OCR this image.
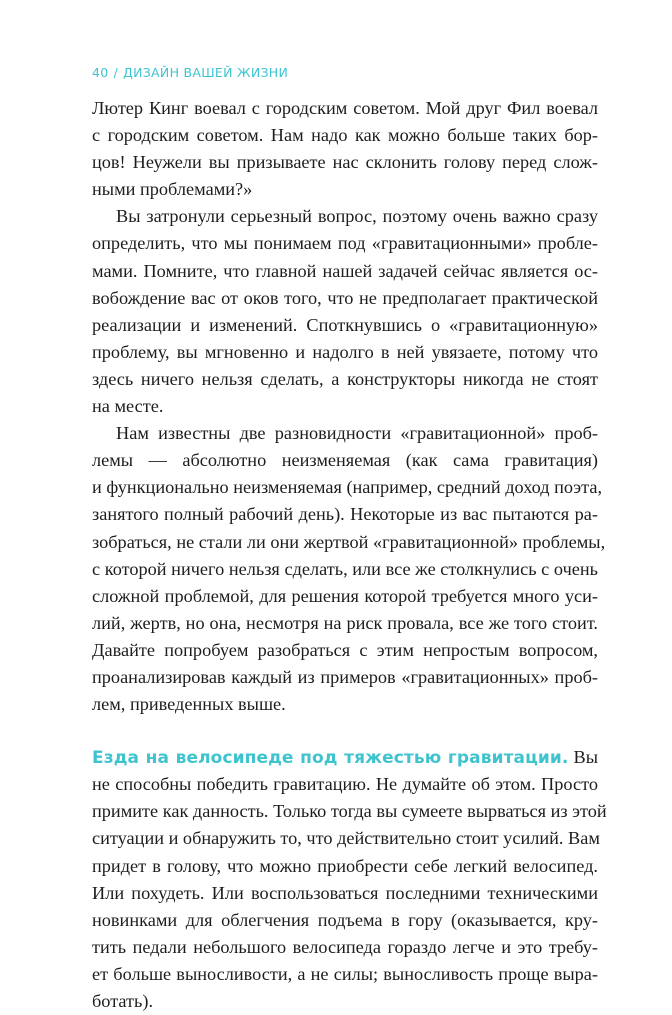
40 / ДИЗАЙН ВАШЕЙ ЖИЗНИ
Лютер Кинг воевал с городским советом. Мой друг Фил воевал
с городским советом. Нам надо как можно больше таких бор-
цов! Неужели вы призываете нас склонить голову перед слож-
ными проблемами?»
Вы затронули серьезный вопрос, поэтому очень важно сразу
определить, что мы понимаем под «гравитационными» пробле-
мами. Помните, что главной нашей задачей сейчас является ос-
вобождение вас от оков того, что не предполагает практической
реализации и изменений. Споткнувшись о «гравитационную»
проблему, вы мгновенно и надолго в ней увязаете, потому что
здесь ничего нельзя сделать, а конструкторы никогда не стоят
на месте.
Нам известны две разновидности «гравитационной» проб-
лемы — абсолютно неизменяемая (как сама гравитация)
и функционально неизменяемая (например, средний доход поэта,
занятого полный рабочий день). Некоторые из вас пытаются ра-
зобраться, не стали ли они жертвой «гравитационной» проблемы,
с которой ничего нельзя сделать, или все же столкнулись с очень
сложной проблемой, для решения которой требуется много уси-
лий, жертв, но она, несмотря на риск провала, все же того стоит.
Давайте попробуем разобраться с этим непростым вопросом,
проанализировав каждый из примеров «гравитационных» проб-
лем, приведенных выше.
Езда на велосипеде под тяжестью гравитации. Вы
не способны победить гравитацию. Не думайте об этом. Просто
примите как данность. Только тогда вы сумеете вырваться из этой
ситуации и обнаружить то, что действительно стоит усилий. Вам
придет в голову, что можно приобрести себе легкий велосипед.
Или похудеть. Или воспользоваться последними техническими
новинками для облегчения подъема в гору (оказывается, кру-
тить педали небольшого велосипеда гораздо легче и это требу-
ет больше выносливости, а не силы; выносливость проще выра-
ботать).
